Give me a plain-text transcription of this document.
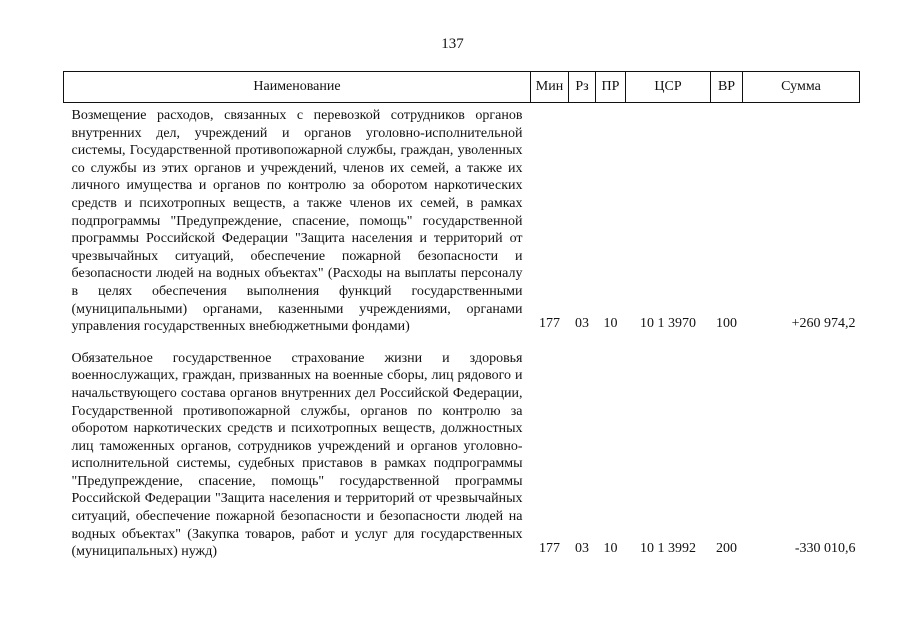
137
Наименование	Мин	Рз	ПР	ЦСР	ВР	Сумма
Возмещение расходов, связанных с перевозкой сотрудников органов внутренних дел, учреждений и органов уголовно-исполнительной системы, Государственной противопожарной службы, граждан, уволенных со службы из этих органов и учреждений, членов их семей, а также их личного имущества и органов по контролю за оборотом наркотических средств и психотропных веществ, а также членов их семей, в рамках подпрограммы "Предупреждение, спасение, помощь" государственной программы Российской Федерации "Защита населения и территорий от чрезвычайных ситуаций, обеспечение пожарной безопасности и безопасности людей на водных объектах" (Расходы на выплаты персоналу в целях обеспечения выполнения функций государственными (муниципальными) органами, казенными учреждениями, органами управления государственных внебюджетными фондами)	177	03	10	10 1 3970	100	+260 974,2

Обязательное государственное страхование жизни и здоровья военнослужащих, граждан, призванных на военные сборы, лиц рядового и начальствующего состава органов внутренних дел Российской Федерации, Государственной противопожарной службы, органов по контролю за оборотом наркотических средств и психотропных веществ, должностных лиц таможенных органов, сотрудников учреждений и органов уголовно-исполнительной системы, судебных приставов в рамках подпрограммы "Предупреждение, спасение, помощь" государственной программы Российской Федерации "Защита населения и территорий от чрезвычайных ситуаций, обеспечение пожарной безопасности и безопасности людей на водных объектах" (Закупка товаров, работ и услуг для государственных (муниципальных) нужд)	177	03	10	10 1 3992	200	-330 010,6
